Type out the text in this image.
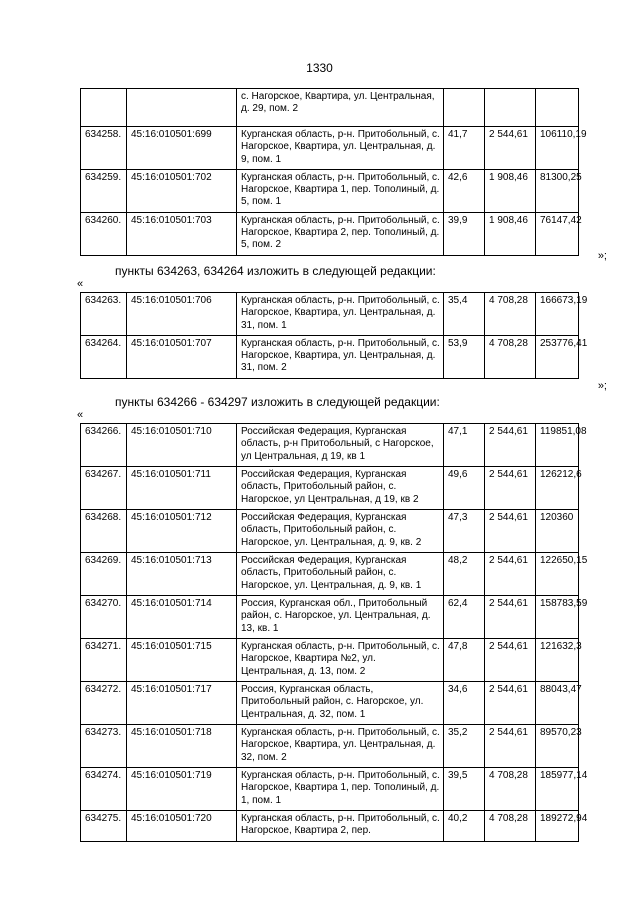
1330
		с. Нагорское, Квартира, ул. Центральная, д. 29, пом. 2			
634258.	45:16:010501:699	Курганская область, р-н. Притобольный, с. Нагорское, Квартира, ул. Центральная, д. 9, пом. 1	41,7	2 544,61	106110,19
634259.	45:16:010501:702	Курганская область, р-н. Притобольный, с. Нагорское, Квартира 1, пер. Тополиный, д. 5, пом. 1	42,6	1 908,46	81300,25
634260.	45:16:010501:703	Курганская область, р-н. Притобольный, с. Нагорское, Квартира 2, пер. Тополиный, д. 5, пом. 2	39,9	1 908,46	76147,42
»;
пункты 634263, 634264 изложить в следующей редакции:
«
634263.	45:16:010501:706	Курганская область, р-н. Притобольный, с. Нагорское, Квартира, ул. Центральная, д. 31, пом. 1	35,4	4 708,28	166673,19
634264.	45:16:010501:707	Курганская область, р-н. Притобольный, с. Нагорское, Квартира, ул. Центральная, д. 31, пом. 2	53,9	4 708,28	253776,41
»;
пункты 634266 - 634297 изложить в следующей редакции:
«
634266.	45:16:010501:710	Российская Федерация, Курганская область, р-н Притобольный, с Нагорское, ул Центральная, д 19, кв 1	47,1	2 544,61	119851,08
634267.	45:16:010501:711	Российская Федерация, Курганская область, Притобольный район, с. Нагорское, ул Центральная, д 19, кв 2	49,6	2 544,61	126212,6
634268.	45:16:010501:712	Российская Федерация, Курганская область, Притобольный район, с. Нагорское, ул. Центральная, д. 9, кв. 2	47,3	2 544,61	120360
634269.	45:16:010501:713	Российская Федерация, Курганская область, Притобольный район, с. Нагорское, ул. Центральная, д. 9, кв. 1	48,2	2 544,61	122650,15
634270.	45:16:010501:714	Россия, Курганская обл., Притобольный район, с. Нагорское, ул. Центральная, д. 13, кв. 1	62,4	2 544,61	158783,59
634271.	45:16:010501:715	Курганская область, р-н. Притобольный, с. Нагорское, Квартира №2, ул. Центральная, д. 13, пом. 2	47,8	2 544,61	121632,3
634272.	45:16:010501:717	Россия, Курганская область, Притобольный район, с. Нагорское, ул. Центральная, д. 32, пом. 1	34,6	2 544,61	88043,47
634273.	45:16:010501:718	Курганская область, р-н. Притобольный, с. Нагорское, Квартира, ул. Центральная, д. 32, пом. 2	35,2	2 544,61	89570,23
634274.	45:16:010501:719	Курганская область, р-н. Притобольный, с. Нагорское, Квартира 1, пер. Тополиный, д. 1, пом. 1	39,5	4 708,28	185977,14
634275.	45:16:010501:720	Курганская область, р-н. Притобольный, с. Нагорское, Квартира 2, пер.	40,2	4 708,28	189272,94
